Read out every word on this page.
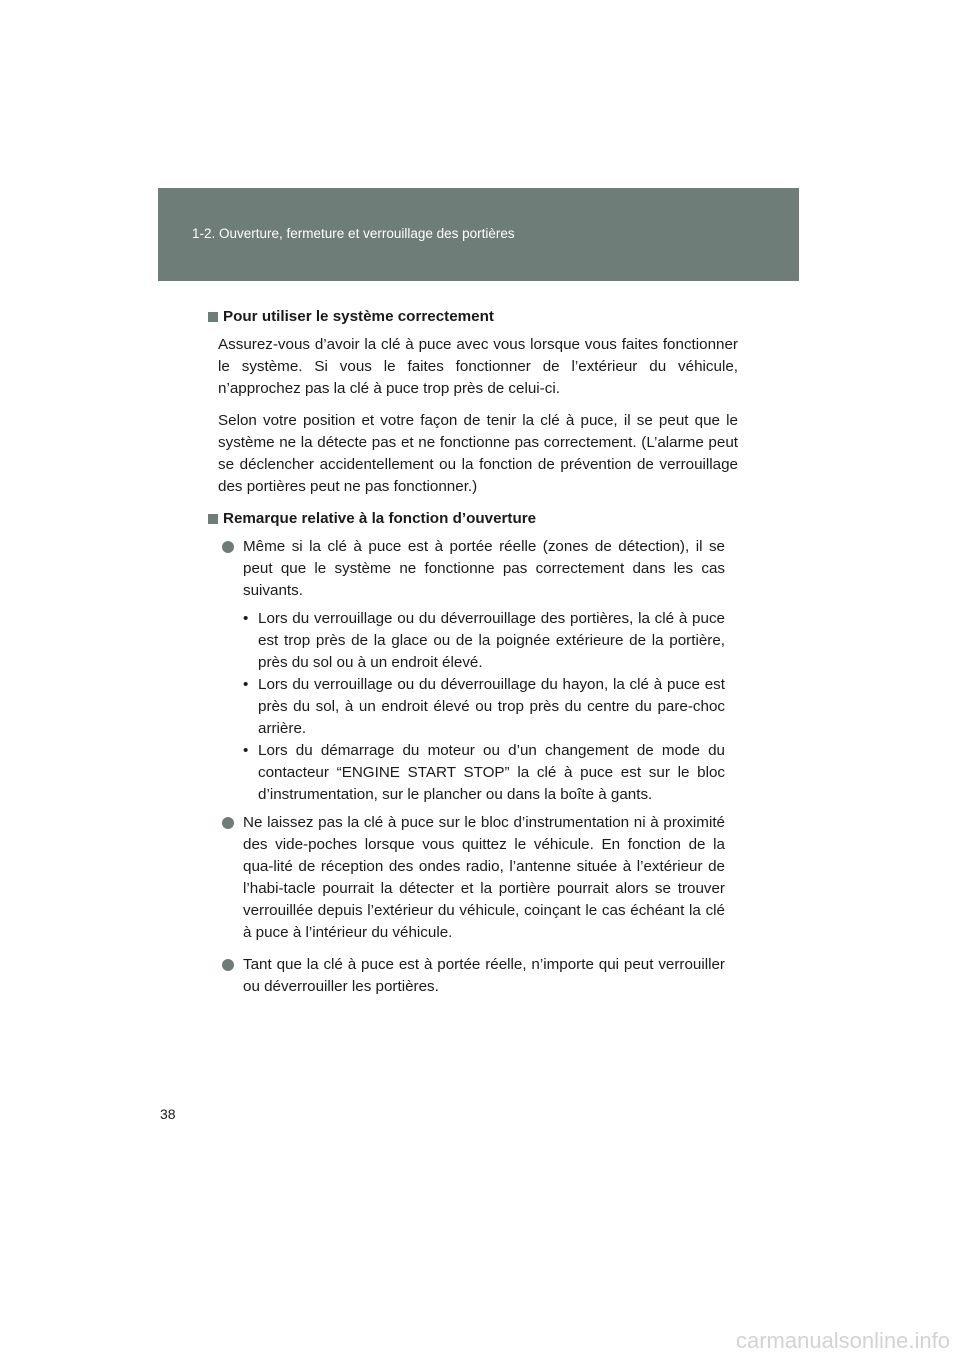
1-2. Ouverture, fermeture et verrouillage des portières
Pour utiliser le système correctement

Assurez-vous d’avoir la clé à puce avec vous lorsque vous faites fonctionner le système. Si vous le faites fonctionner de l’extérieur du véhicule, n’approchez pas la clé à puce trop près de celui-ci.

Selon votre position et votre façon de tenir la clé à puce, il se peut que le système ne la détecte pas et ne fonctionne pas correctement. (L’alarme peut se déclencher accidentellement ou la fonction de prévention de verrouillage des portières peut ne pas fonctionner.)

Remarque relative à la fonction d’ouverture
Même si la clé à puce est à portée réelle (zones de détection), il se peut que le système ne fonctionne pas correctement dans les cas suivants.
• Lors du verrouillage ou du déverrouillage des portières, la clé à puce est trop près de la glace ou de la poignée extérieure de la portière, près du sol ou à un endroit élevé.
• Lors du verrouillage ou du déverrouillage du hayon, la clé à puce est près du sol, à un endroit élevé ou trop près du centre du pare-choc arrière.
• Lors du démarrage du moteur ou d’un changement de mode du contacteur “ENGINE START STOP” la clé à puce est sur le bloc d’instrumentation, sur le plancher ou dans la boîte à gants.
Ne laissez pas la clé à puce sur le bloc d’instrumentation ni à proximité des vide-poches lorsque vous quittez le véhicule. En fonction de la qua-lité de réception des ondes radio, l’antenne située à l’extérieur de l’habi-tacle pourrait la détecter et la portière pourrait alors se trouver verrouillée depuis l’extérieur du véhicule, coinçant le cas échéant la clé à puce à l’intérieur du véhicule.
Tant que la clé à puce est à portée réelle, n’importe qui peut verrouiller ou déverrouiller les portières.
38
carmanualsonline.info
